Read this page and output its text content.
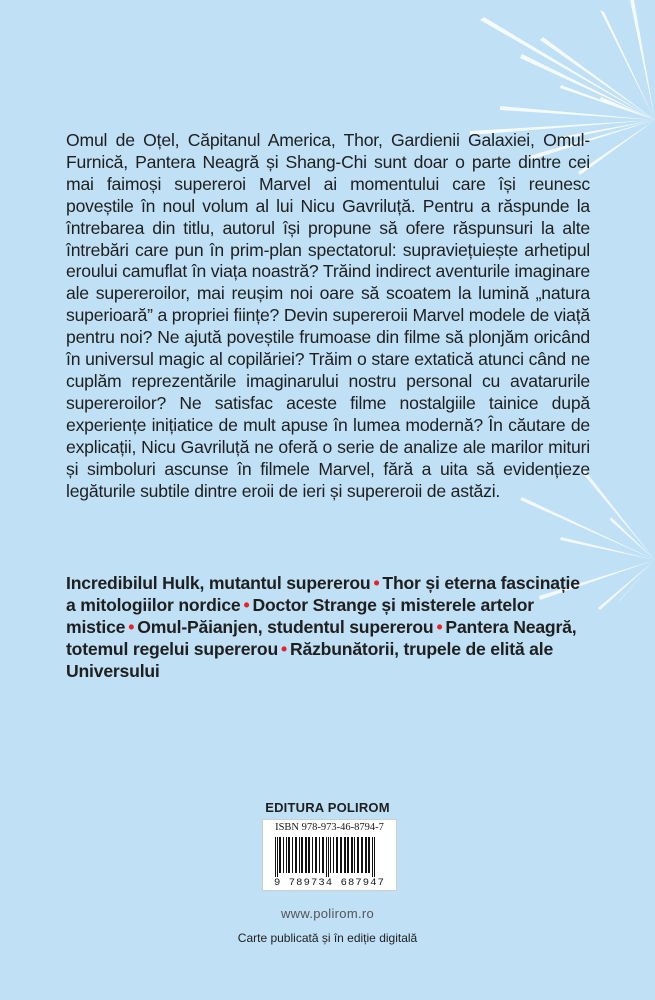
Omul de Oțel, Căpitanul America, Thor, Gardienii Galaxiei, Omul-Furnică, Pantera Neagră și Shang-Chi sunt doar o parte dintre cei mai faimoși supereroi Marvel ai momentului care își reunesc poveștile în noul volum al lui Nicu Gavriluță. Pentru a răspunde la întrebarea din titlu, autorul își propune să ofere răspunsuri la alte întrebări care pun în prim-plan spectatorul: supraviețuiește arhetipul eroului camuflat în viața noastră? Trăind indirect aventurile imaginare ale supereroilor, mai reușim noi oare să scoatem la lumină „natura superioară” a propriei ființe? Devin supereroii Marvel modele de viață pentru noi? Ne ajută poveștile frumoase din filme să plonjăm oricând în universul magic al copilăriei? Trăim o stare extatică atunci când ne cuplăm reprezentările imaginarului nostru personal cu avatarurile supereroilor? Ne satisfac aceste filme nostalgiile tainice după experiențe inițiatice de mult apuse în lumea modernă? În căutare de explicații, Nicu Gavriluță ne oferă o serie de analize ale marilor mituri și simboluri ascunse în filmele Marvel, fără a uita să evidențieze legăturile subtile dintre eroii de ieri și supereroii de astăzi.

Incredibilul Hulk, mutantul supererou • Thor și eterna fascinație a mitologiilor nordice • Doctor Strange și misterele artelor mistice • Omul-Păianjen, studentul supererou • Pantera Neagră, totemul regelui supererou • Răzbunătorii, trupele de elită ale Universului

EDITURA POLIROM
ISBN 978-973-46-8794-7
9 789734 687947
www.polirom.ro
Carte publicată și în ediție digitală
